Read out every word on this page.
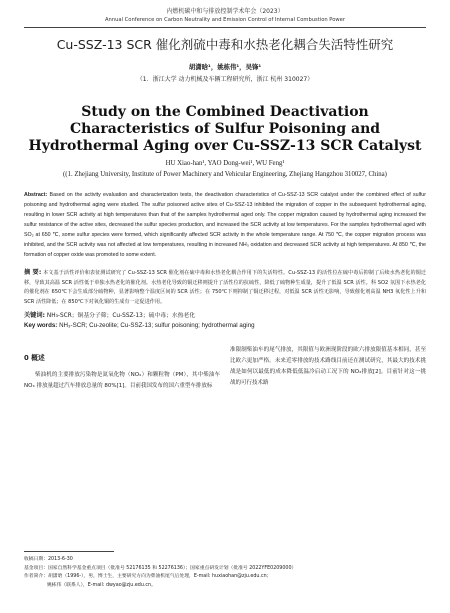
内燃机碳中和与排放控制学术年会（2023）
Annual Conference on Carbon Neutrality and Emission Control of Internal Combustion Power
Cu-SSZ-13 SCR 催化剂硫中毒和水热老化耦合失活特性研究
胡潇晗¹，姚栋伟¹，吴锋¹
（1．浙江大学 动力机械及车辆工程研究所，浙江 杭州 310027）
Study on the Combined Deactivation Characteristics of Sulfur Poisoning and Hydrothermal Aging over Cu-SSZ-13 SCR Catalyst
HU Xiao-han¹, YAO Dong-wei¹, WU Feng¹
((1. Zhejiang University, Institute of Power Machinery and Vehicular Engineering, Zhejiang Hangzhou 310027, China)
Abstract: Based on the activity evaluation and characterization tests, the deactivation characteristics of Cu-SSZ-13 SCR catalyst under the combined effect of sulfur poisoning and hydrothermal aging were studied. The sulfur poisoned active sites of Cu-SSZ-13 inhibited the migration of copper in the subsequent hydrothermal aging, resulting in lower SCR activity at high temperatures than that of the samples hydrothermal aged only. The copper migration caused by hydrothermal aging increased the sulfur resistance of the active sites, decreased the sulfur species production, and increased the SCR activity at low temperatures. For the samples hydrothermal aged with SO₂ at 650 ℃, some sulfur species were formed, which significantly affected SCR activity in the whole temperature range. At 750 ℃, the copper migration process was inhibited, and the SCR activity was not affected at low temperatures, resulting in increased NH₃ oxidation and decreased SCR activity at high temperatures. At 850 ℃, the formation of copper oxide was promoted to some extent.
摘 要: 本文基于活性评价和表征测试研究了 Cu-SSZ-13 SCR 催化剂在硫中毒和水热老化耦合作用下的失活特性。Cu-SSZ-13 的活性位在硫中毒后抑制了后续水热老化的铜迁移，导致其高温 SCR 活性低于单独水热老化的催化剂。水热老化导致的铜迁移则提升了活性位的抗硫性，降低了硫物种生成量，提升了低温 SCR 活性。科 SO2 氛围下水热老化的催化剂在 650℃下会生成部分硫物种，显著影响整个温度区间的 SCR 活性；在 750℃下则抑制了铜迁移过程，对低温 SCR 活性无影响，导致催化剂高温 NH3 氧化性上升和 SCR 活性降低；在 850℃下对氧化铜的生成有一定促进作用。
关键词: NH₃-SCR；铜基分子筛；Cu-SSZ-13；硫中毒；水热老化
Key words: NH₃-SCR; Cu-zeolite; Cu-SSZ-13; sulfur poisoning; hydrothermal aging
0 概述
柴油机的主要排放污染物是氮氧化物（NOₓ）和颗粒物（PM），其中柴油车 NOₓ 排放量超过汽车排放总量的 80%[1]。目前我国发布的国六重型车排放标
准限制柴油车的尾气排放，其限值与欧洲现阶段的欧六排放限值基本相同，甚至比欧六更加严格。未来近零排放的技术路线目前还在测试研究，其最大的技术挑战是如何以最低的成本降低低温冷启动工况下的 NOₓ排放[2]。目前针对这一挑战的可行技术路
收稿日期：2013-6-30
基金项目：国家自然科学基金重点项目（批准号 52176135 和 52276136）；国家重点研发计划（批准号 2022YFE0209000）
作者简介：胡潇晗（1996-），男，博士生，主要研究方向为柴油机尾气后处理，E-mail: huxiaohan@zju.edu.cn；
姚栋伟（联系人），E-mail: dwyao@zju.edu.cn。
